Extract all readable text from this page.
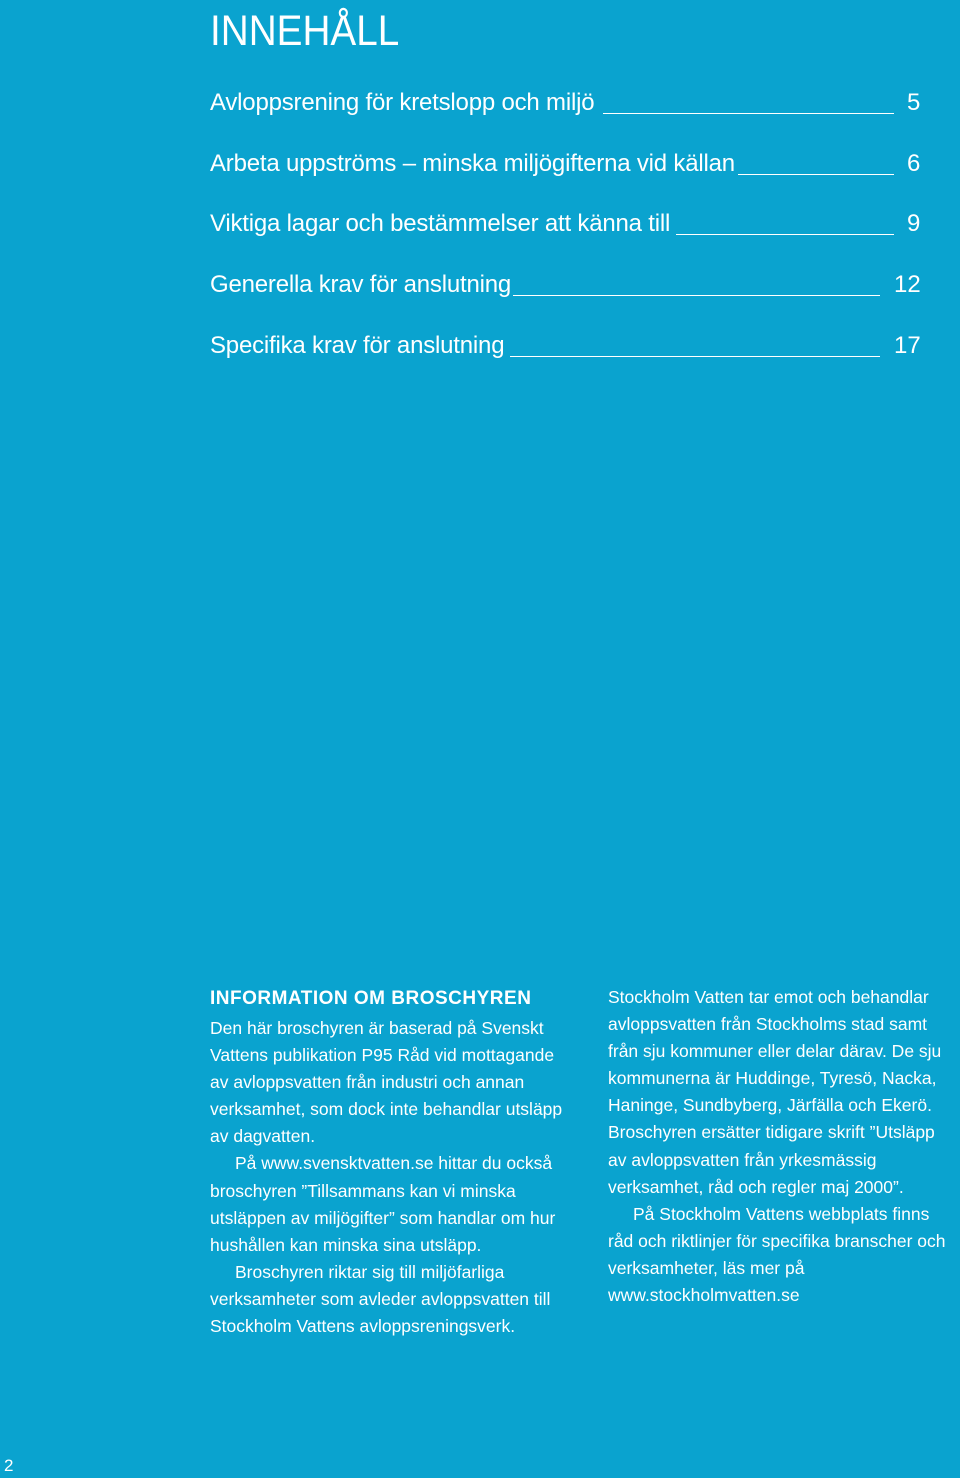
INNEHÅLL
Avloppsrening för kretslopp och miljö	5
Arbeta uppströms – minska miljögifterna vid källan	6
Viktiga lagar och bestämmelser att känna till	9
Generella krav för anslutning	12
Specifika krav för anslutning	17
INFORMATION OM BROSCHYREN

Den här broschyren är baserad på Svenskt Vattens publikation P95 Råd vid mottagande av avloppsvatten från industri och annan verksamhet, som dock inte behandlar utsläpp av dagvatten.

På www.svensktvatten.se hittar du också broschyren ”Tillsammans kan vi minska utsläppen av miljögifter” som handlar om hur hushållen kan minska sina utsläpp.

Broschyren riktar sig till miljöfarliga verksamheter som avleder avloppsvatten till Stockholm Vattens avloppsreningsverk.

Stockholm Vatten tar emot och behandlar avloppsvatten från Stockholms stad samt från sju kommuner eller delar därav. De sju kommunerna är Huddinge, Tyresö, Nacka, Haninge, Sundbyberg, Järfälla och Ekerö. Broschyren ersätter tidigare skrift ”Utsläpp av avloppsvatten från yrkesmässig verksamhet, råd och regler maj 2000”.

På Stockholm Vattens webbplats finns råd och riktlinjer för specifika branscher och verksamheter, läs mer på www.stockholmvatten.se

2
